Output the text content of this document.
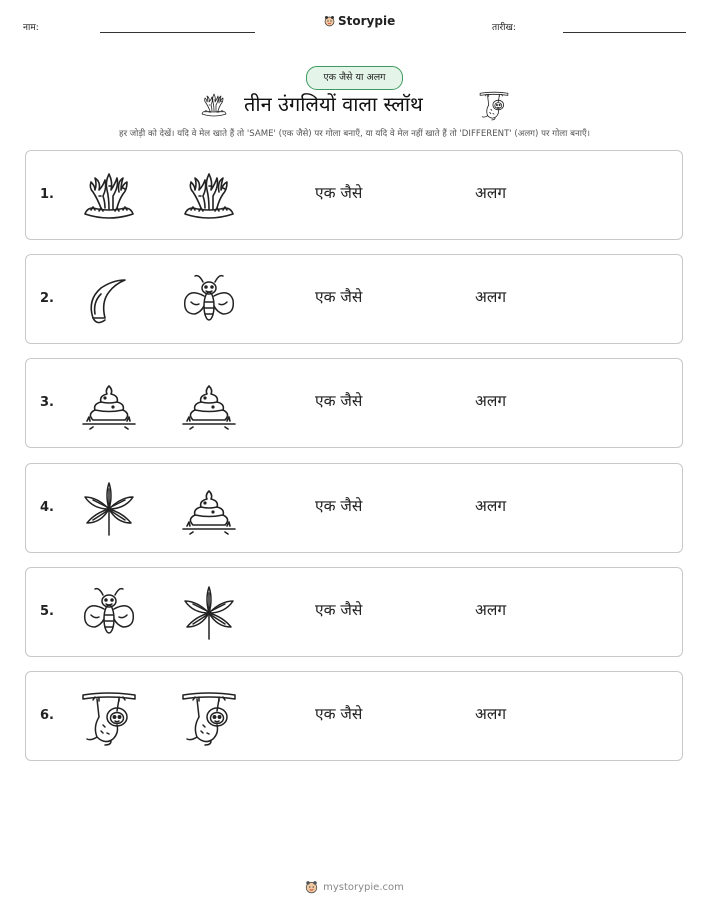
नाम:	Storypie	तारीख:
एक जैसे या अलग
तीन उंगलियों वाला स्लॉथ
हर जोड़ी को देखें। यदि वे मेल खाते हैं तो 'SAME' (एक जैसे) पर गोला बनाएँ, या यदि वे मेल नहीं खाते हैं तो 'DIFFERENT' (अलग) पर गोला बनाएँ।
1.	एक जैसे	अलग
2.	एक जैसे	अलग
3.	एक जैसे	अलग
4.	एक जैसे	अलग
5.	एक जैसे	अलग
6.	एक जैसे	अलग
mystorypie.com
